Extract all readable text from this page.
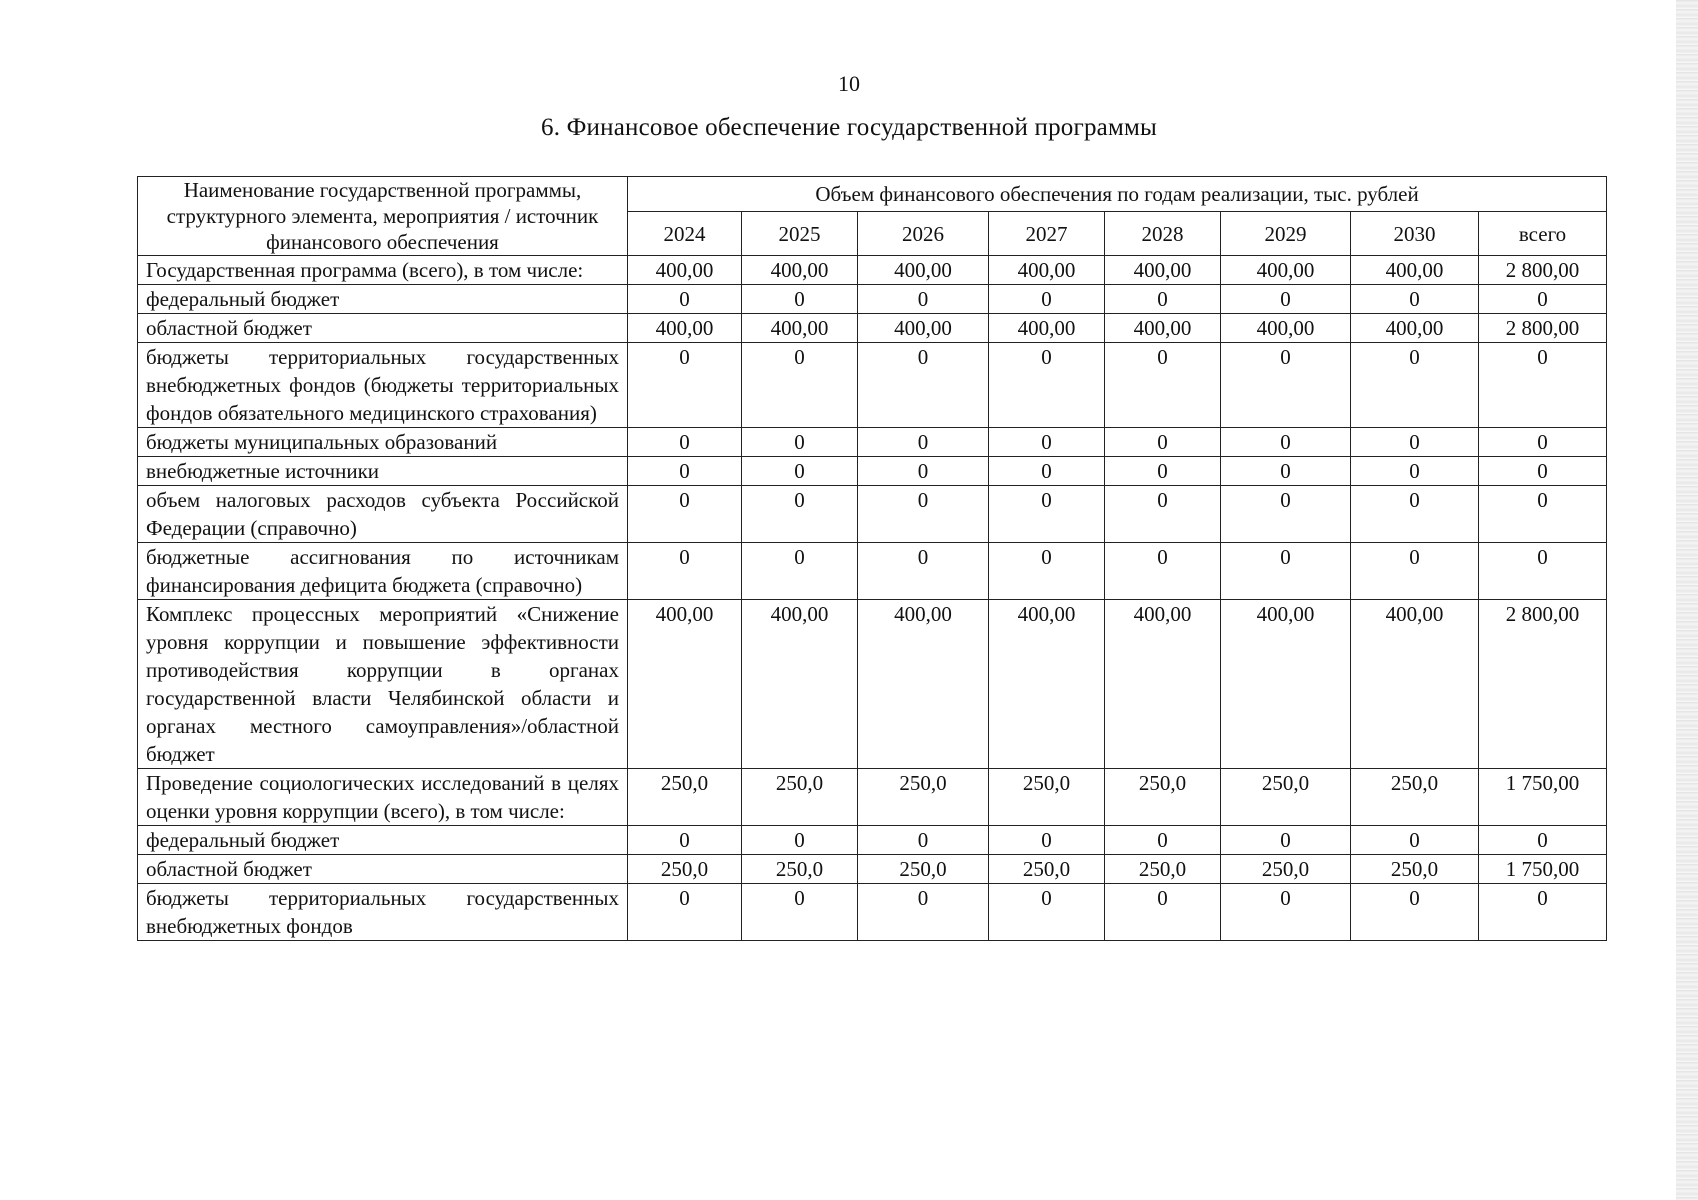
10
6. Финансовое обеспечение государственной программы
Наименование государственной программы, структурного элемента, мероприятия / источник финансового обеспечения	Объем финансового обеспечения по годам реализации, тыс. рублей							
	2024	2025	2026	2027	2028	2029	2030	всего
Государственная программа (всего), в том числе:	400,00	400,00	400,00	400,00	400,00	400,00	400,00	2 800,00
федеральный бюджет	0	0	0	0	0	0	0	0
областной бюджет	400,00	400,00	400,00	400,00	400,00	400,00	400,00	2 800,00
бюджеты территориальных государственных внебюджетных фондов (бюджеты территориальных фондов обязательного медицинского страхования)	0	0	0	0	0	0	0	0
бюджеты муниципальных образований	0	0	0	0	0	0	0	0
внебюджетные источники	0	0	0	0	0	0	0	0
объем налоговых расходов субъекта Российской Федерации (справочно)	0	0	0	0	0	0	0	0
бюджетные ассигнования по источникам финансирования дефицита бюджета (справочно)	0	0	0	0	0	0	0	0
Комплекс процессных мероприятий «Снижение уровня коррупции и повышение эффективности противодействия коррупции в органах государственной власти Челябинской области и органах местного самоуправления»/областной бюджет	400,00	400,00	400,00	400,00	400,00	400,00	400,00	2 800,00
Проведение социологических исследований в целях оценки уровня коррупции (всего), в том числе:	250,0	250,0	250,0	250,0	250,0	250,0	250,0	1 750,00
федеральный бюджет	0	0	0	0	0	0	0	0
областной бюджет	250,0	250,0	250,0	250,0	250,0	250,0	250,0	1 750,00
бюджеты территориальных государственных внебюджетных фондов	0	0	0	0	0	0	0	0
